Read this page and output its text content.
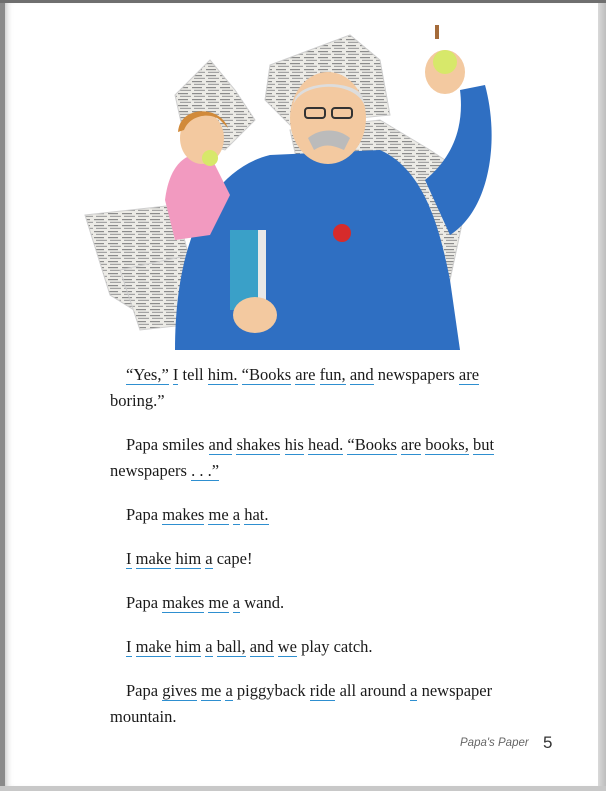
“Yes,” I tell him. “Books are fun, and newspapers are boring.”

Papa smiles and shakes his head. “Books are books, but newspapers . . .”

Papa makes me a hat.

I make him a cape!

Papa makes me a wand.

I make him a ball, and we play catch.

Papa gives me a piggyback ride all around a newspaper mountain.

Papa's Paper 5
